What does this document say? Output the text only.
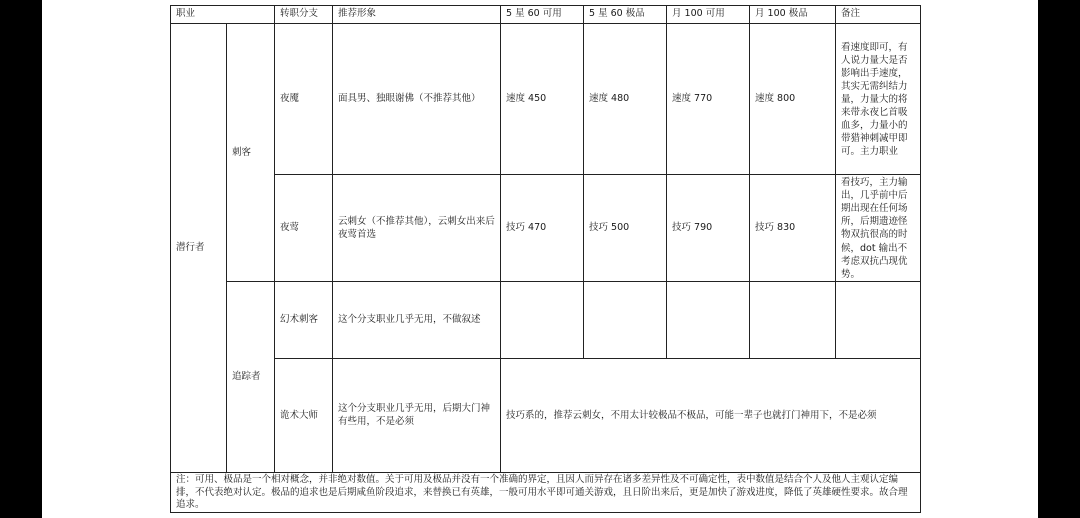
职业		转职分支	推荐形象	5 星 60 可用	5 星 60 极品	月 100 可用	月 100 极品	备注
潜行者	刺客	夜魇	面具男、独眼谢佛（不推荐其他）	速度 450	速度 480	速度 770	速度 800	看速度即可，有人说力量大是否影响出手速度，其实无需纠结力量，力量大的将来带永夜匕首吸血多，力量小的带猎神刺减甲即可。主力职业
		夜莺	云刺女（不推荐其他），云刺女出来后夜莺首选	技巧 470	技巧 500	技巧 790	技巧 830	看技巧，主力输出，几乎前中后期出现在任何场所，后期遗迹怪物双抗很高的时候，dot 输出不考虑双抗凸现优势。
	追踪者	幻术刺客	这个分支职业几乎无用，不做叙述					
		诡术大师	这个分支职业几乎无用，后期大门神有些用，不是必须	技巧系的，推荐云刺女，不用太计较极品不极品，可能一辈子也就打门神用下，不是必须				
注：可用、极品是一个相对概念，并非绝对数值。关于可用及极品并没有一个准确的界定，且因人而异存在诸多差异性及不可确定性，表中数值是结合个人及他人主观认定编排，不代表绝对认定。极品的追求也是后期咸鱼阶段追求，来替换已有英雄，一般可用水平即可通关游戏，且日阶出来后，更是加快了游戏进度，降低了英雄硬性要求。故合理追求。								
